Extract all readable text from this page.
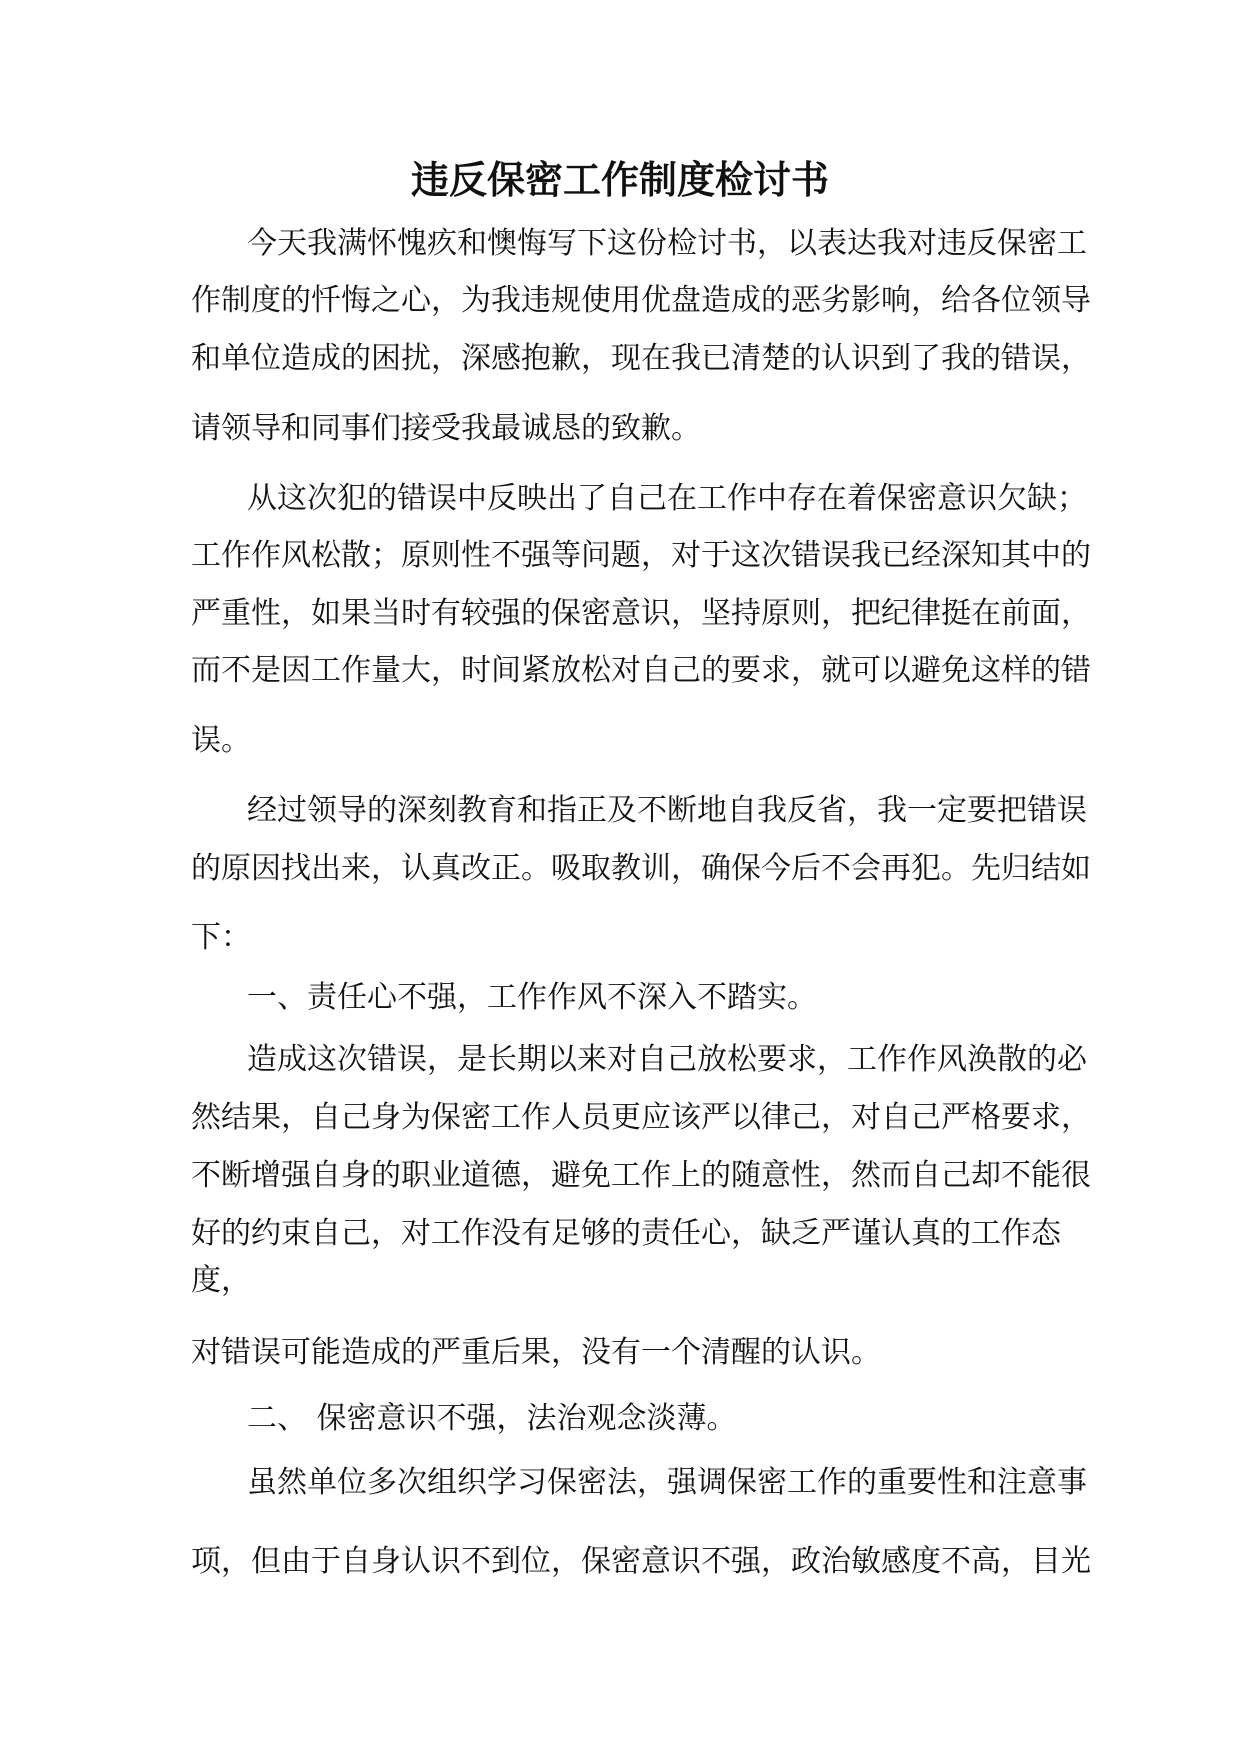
违反保密工作制度检讨书
今天我满怀愧疚和懊悔写下这份检讨书，以表达我对违反保密工
作制度的忏悔之心，为我违规使用优盘造成的恶劣影响，给各位领导
和单位造成的困扰，深感抱歉，现在我已清楚的认识到了我的错误，
请领导和同事们接受我最诚恳的致歉。
从这次犯的错误中反映出了自己在工作中存在着保密意识欠缺；
工作作风松散；原则性不强等问题，对于这次错误我已经深知其中的
严重性，如果当时有较强的保密意识，坚持原则，把纪律挺在前面，
而不是因工作量大，时间紧放松对自己的要求，就可以避免这样的错
误。
经过领导的深刻教育和指正及不断地自我反省，我一定要把错误
的原因找出来，认真改正。吸取教训，确保今后不会再犯。先归结如
下：
一、责任心不强，工作作风不深入不踏实。
造成这次错误，是长期以来对自己放松要求，工作作风涣散的必
然结果，自己身为保密工作人员更应该严以律己，对自己严格要求，
不断增强自身的职业道德，避免工作上的随意性，然而自己却不能很
好的约束自己，对工作没有足够的责任心，缺乏严谨认真的工作态
度，
对错误可能造成的严重后果，没有一个清醒的认识。
二、 保密意识不强，法治观念淡薄。
虽然单位多次组织学习保密法，强调保密工作的重要性和注意事
项，但由于自身认识不到位，保密意识不强，政治敏感度不高，目光
